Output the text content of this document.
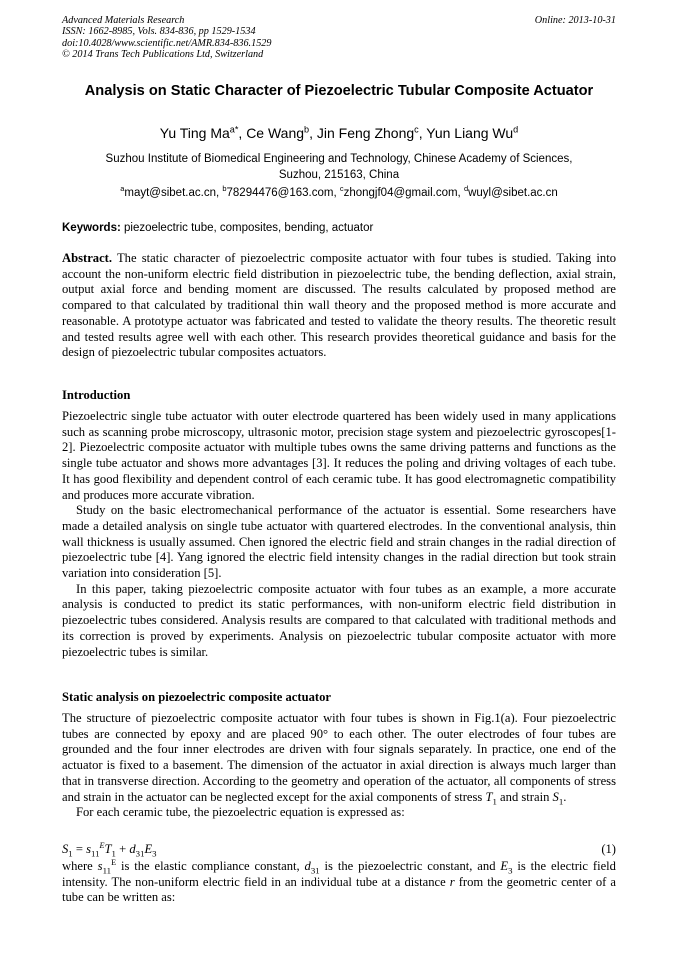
Advanced Materials Research
ISSN: 1662-8985, Vols. 834-836, pp 1529-1534
doi:10.4028/www.scientific.net/AMR.834-836.1529
© 2014 Trans Tech Publications Ltd, Switzerland
Online: 2013-10-31
Analysis on Static Character of Piezoelectric Tubular Composite Actuator
Yu Ting $Ma^{a*}$, Ce Wang$^b$, Jin Feng Zhong$^c$, Yun Liang Wu$^d$
Suzhou Institute of Biomedical Engineering and Technology, Chinese Academy of Sciences,
Suzhou, 215163, China
$^a$mayt@sibet.ac.cn, $^b$78294476@163.com, $^c$zhongjf04@gmail.com, $^d$wuyl@sibet.ac.cn
Keywords: piezoelectric tube, composites, bending, actuator

Abstract. The static character of piezoelectric composite actuator with four tubes is studied. Taking into account the non-uniform electric field distribution in piezoelectric tube, the bending deflection, axial strain, output axial force and bending moment are discussed. The results calculated by proposed method are compared to that calculated by traditional thin wall theory and the proposed method is more accurate and reasonable. A prototype actuator was fabricated and tested to validate the theory results. The theoretic result and tested results agree well with each other. This research provides theoretical guidance and basis for the design of piezoelectric tubular composites actuators.

Introduction

Piezoelectric single tube actuator with outer electrode quartered has been widely used in many applications such as scanning probe microscopy, ultrasonic motor, precision stage system and piezoelectric gyroscopes[1-2]. Piezoelectric composite actuator with multiple tubes owns the same driving patterns and functions as the single tube actuator and shows more advantages [3]. It reduces the poling and driving voltages of each tube. It has good flexibility and dependent control of each ceramic tube. It has good electromagnetic compatibility and produces more accurate vibration.

Study on the basic electromechanical performance of the actuator is essential. Some researchers have made a detailed analysis on single tube actuator with quartered electrodes. In the conventional analysis, thin wall thickness is usually assumed. Chen ignored the electric field and strain changes in the radial direction of piezoelectric tube [4]. Yang ignored the electric field intensity changes in the radial direction but took strain variation into consideration [5].

In this paper, taking piezoelectric composite actuator with four tubes as an example, a more accurate analysis is conducted to predict its static performances, with non-uniform electric field distribution in piezoelectric tubes considered. Analysis results are compared to that calculated with traditional methods and its correction is proved by experiments. Analysis on piezoelectric tubular composite actuator with more piezoelectric tubes is similar.

Static analysis on piezoelectric composite actuator

The structure of piezoelectric composite actuator with four tubes is shown in Fig.1(a). Four piezoelectric tubes are connected by epoxy and are placed 90° to each other. The outer electrodes of four tubes are grounded and the four inner electrodes are driven with four signals separately. In practice, one end of the actuator is fixed to a basement. The dimension of the actuator in axial direction is always much larger than that in transverse direction. According to the geometry and operation of the actuator, all components of stress and strain in the actuator can be neglected except for the axial components of stress $T_1$ and strain $S_1$.

For each ceramic tube, the piezoelectric equation is expressed as:

$S_1 = s_{11}^ET_1 + d_{31}E_3$	(1)

where $s_{11}^E$ is the elastic compliance constant, $d_{31}$ is the piezoelectric constant, and $E_3$ is the electric field intensity. The non-uniform electric field in an individual tube at a distance r from the geometric center of a tube can be written as:
